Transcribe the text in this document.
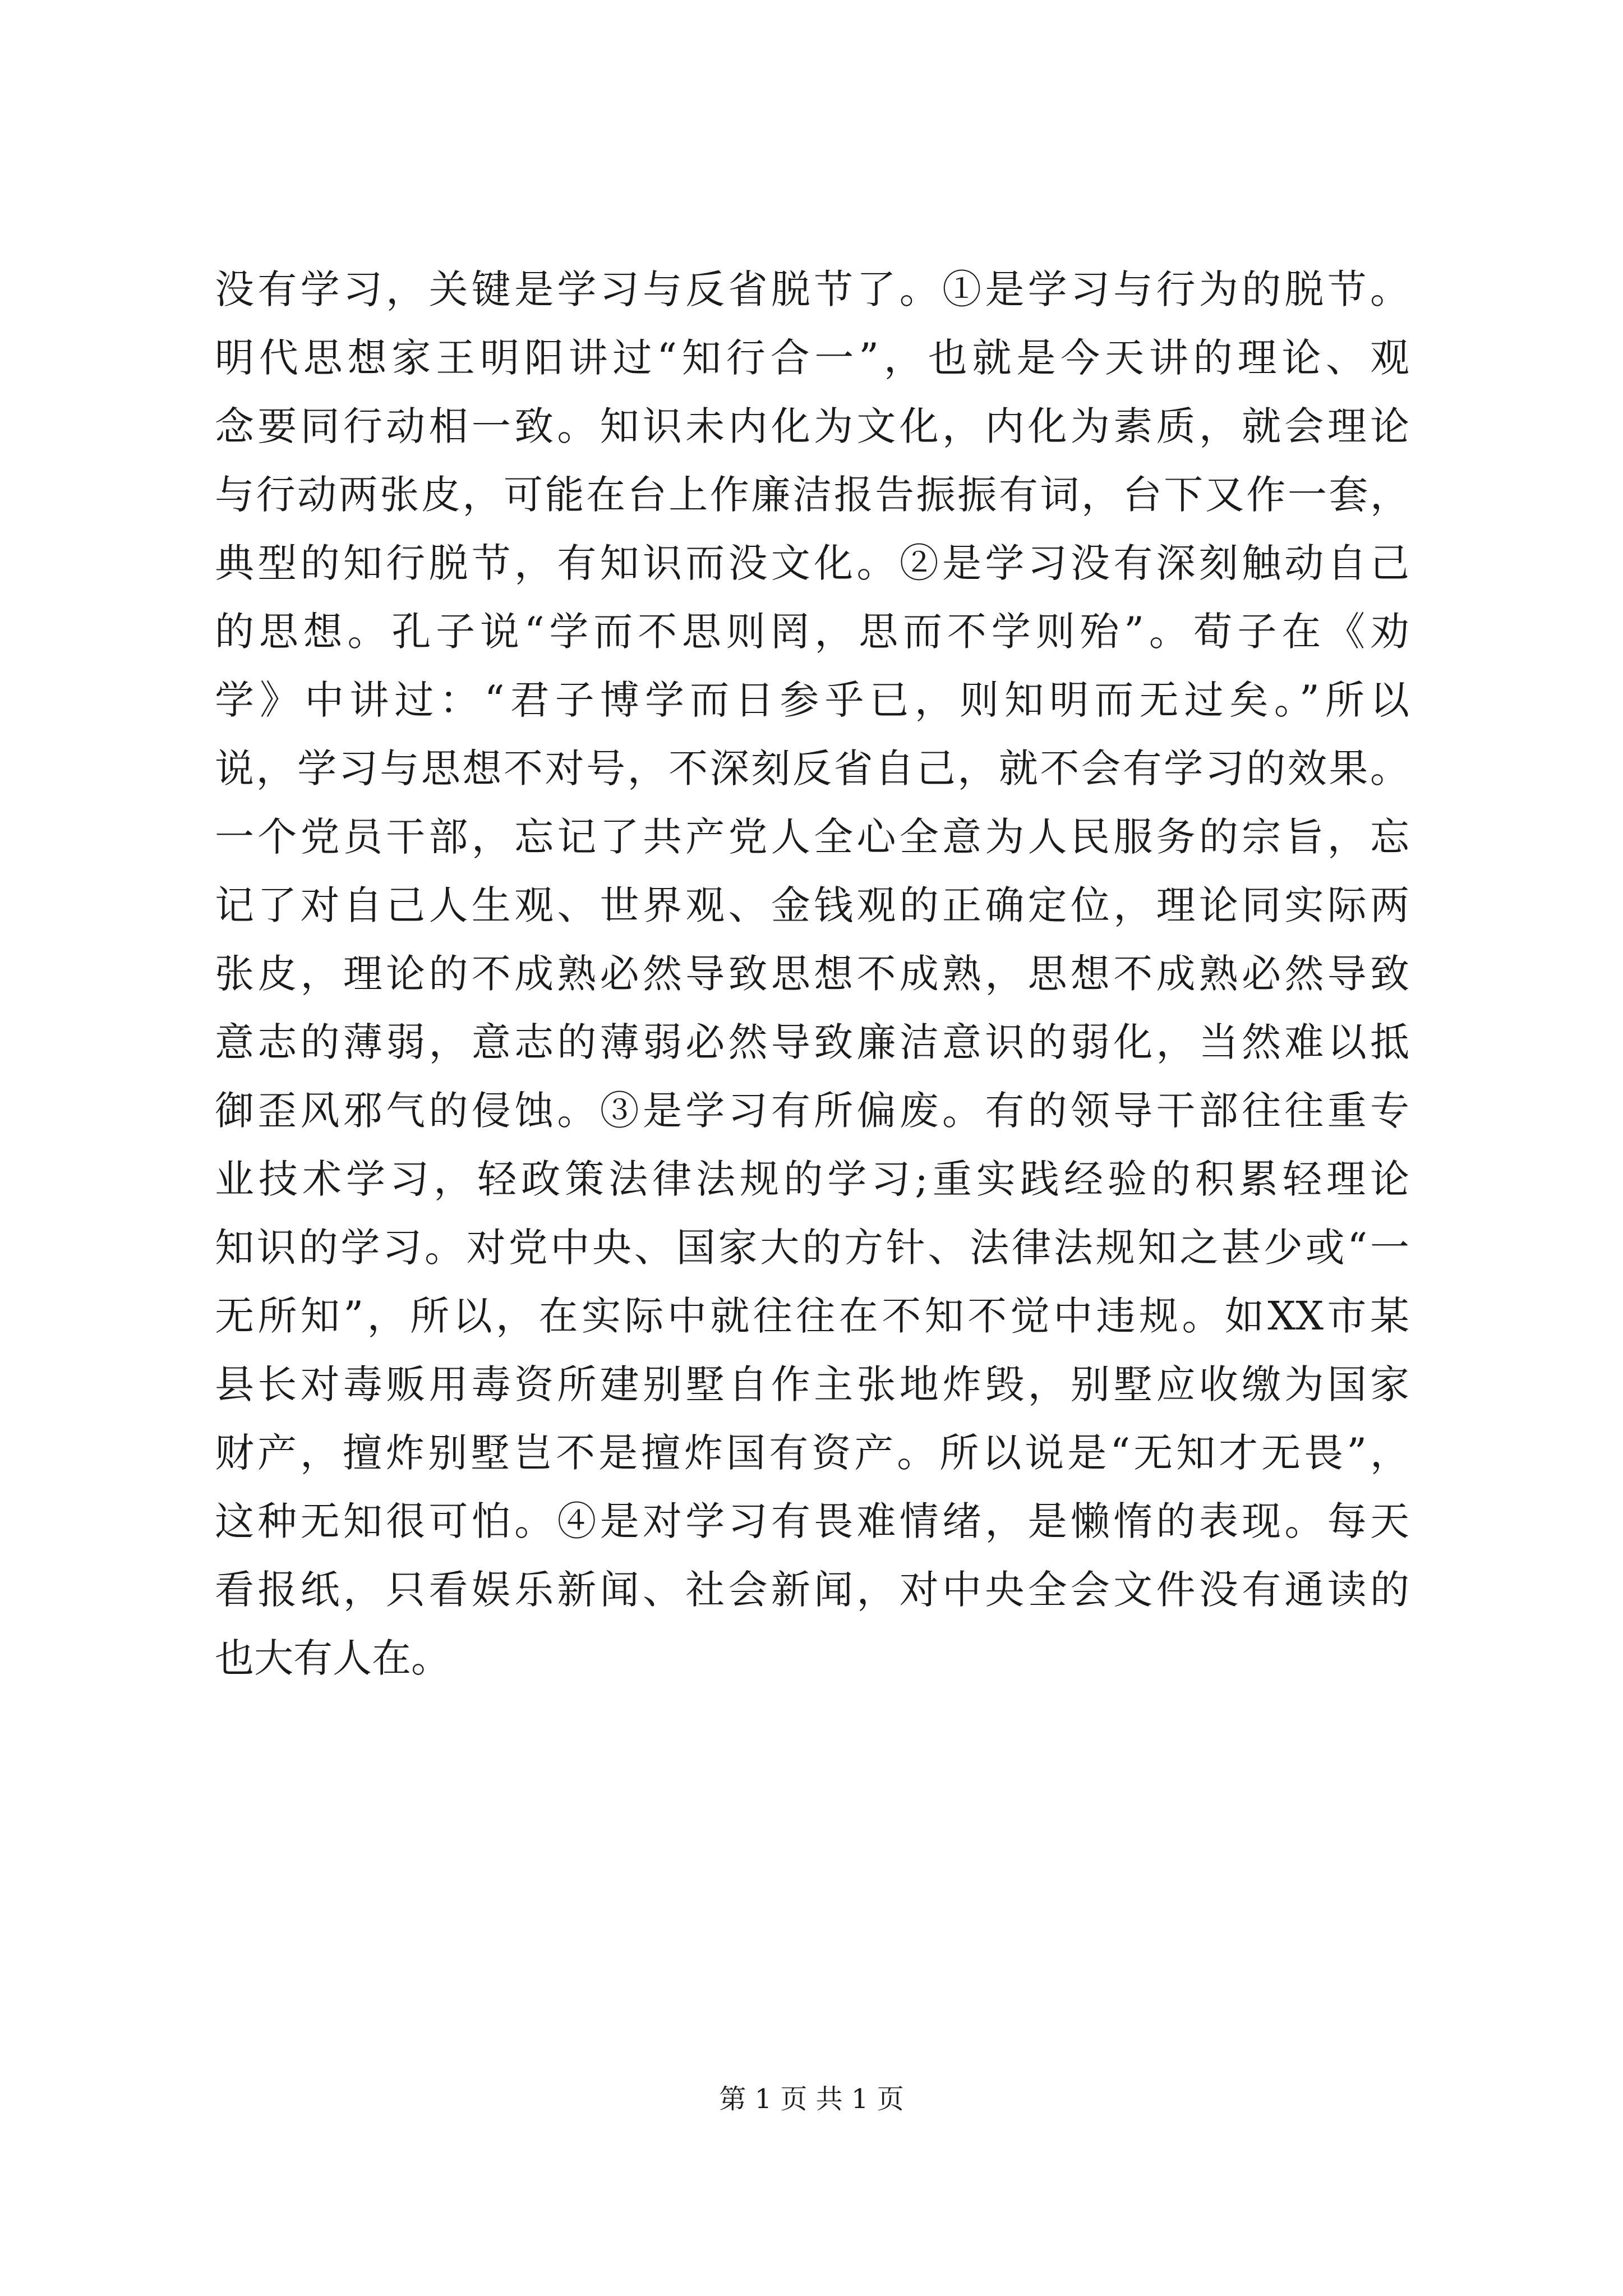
没有学习，关键是学习与反省脱节了。①是学习与行为的脱节。
明代思想家王明阳讲过“知行合一”，也就是今天讲的理论、观
念要同行动相一致。知识未内化为文化，内化为素质，就会理论
与行动两张皮，可能在台上作廉洁报告振振有词，台下又作一套，
典型的知行脱节，有知识而没文化。②是学习没有深刻触动自己
的思想。孔子说“学而不思则罔，思而不学则殆”。荀子在《劝
学》中讲过：“君子博学而日参乎已，则知明而无过矣。”所以
说，学习与思想不对号，不深刻反省自己，就不会有学习的效果。
一个党员干部，忘记了共产党人全心全意为人民服务的宗旨，忘
记了对自己人生观、世界观、金钱观的正确定位，理论同实际两
张皮，理论的不成熟必然导致思想不成熟，思想不成熟必然导致
意志的薄弱，意志的薄弱必然导致廉洁意识的弱化，当然难以抵
御歪风邪气的侵蚀。③是学习有所偏废。有的领导干部往往重专
业技术学习，轻政策法律法规的学习;重实践经验的积累轻理论
知识的学习。对党中央、国家大的方针、法律法规知之甚少或“一
无所知”，所以，在实际中就往往在不知不觉中违规。如XX市某
县长对毒贩用毒资所建别墅自作主张地炸毁，别墅应收缴为国家
财产，擅炸别墅岂不是擅炸国有资产。所以说是“无知才无畏”，
这种无知很可怕。④是对学习有畏难情绪，是懒惰的表现。每天
看报纸，只看娱乐新闻、社会新闻，对中央全会文件没有通读的
也大有人在。
第 1 页 共 1 页
